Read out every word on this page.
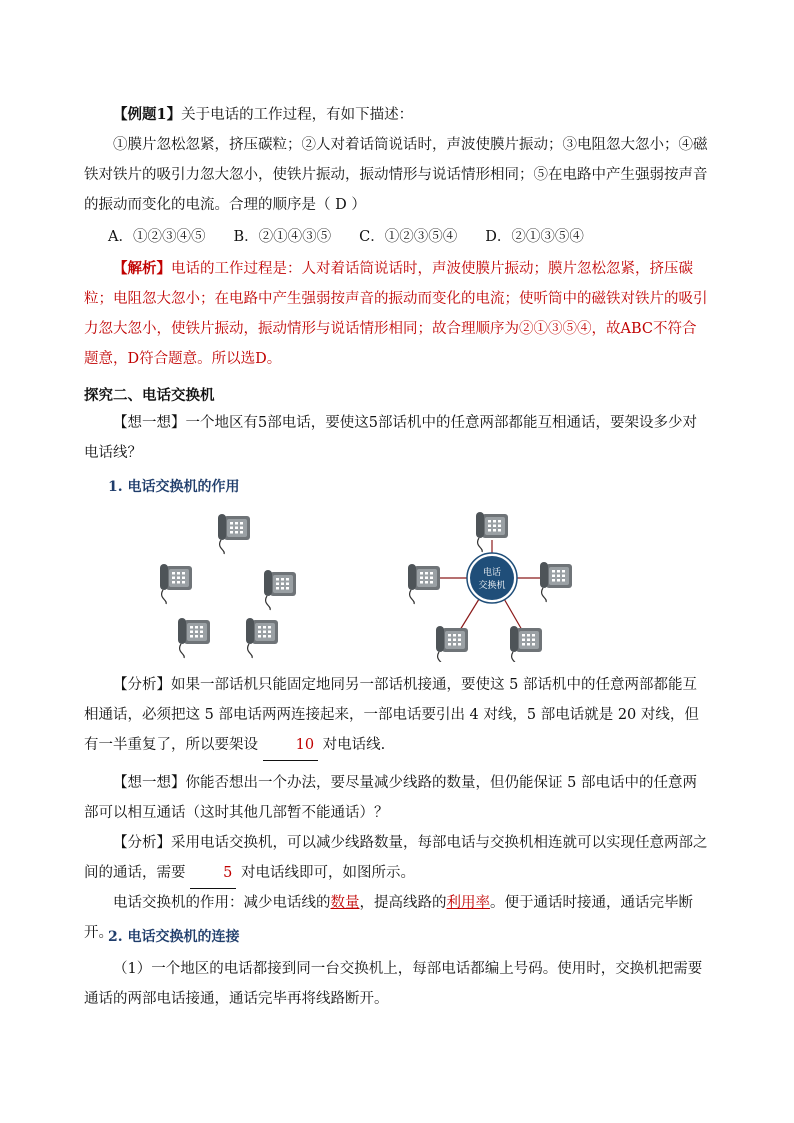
【例题1】关于电话的工作过程，有如下描述：

①膜片忽松忽紧，挤压碳粒；②人对着话筒说话时，声波使膜片振动；③电阻忽大忽小；④磁铁对铁片的吸引力忽大忽小，使铁片振动，振动情形与说话情形相同；⑤在电路中产生强弱按声音的振动而变化的电流。合理的顺序是（ D ）

A．①②③④⑤ B．②①④③⑤ C．①②③⑤④ D．②①③⑤④

【解析】电话的工作过程是：人对着话筒说话时，声波使膜片振动；膜片忽松忽紧，挤压碳粒；电阻忽大忽小；在电路中产生强弱按声音的振动而变化的电流；使听筒中的磁铁对铁片的吸引力忽大忽小，使铁片振动，振动情形与说话情形相同；故合理顺序为②①③⑤④，故ABC不符合题意，D符合题意。所以选D。

探究二、电话交换机

【想一想】一个地区有5部电话，要使这5部话机中的任意两部都能互相通话，要架设多少对电话线？

1. 电话交换机的作用
电话
交换机

【分析】如果一部话机只能固定地同另一部话机接通，要使这 5 部话机中的任意两部都能互相通话，必须把这 5 部电话两两连接起来，一部电话要引出 4 对线，5 部电话就是 20 对线，但有一半重复了，所以要架设 10 对电话线.

【想一想】你能否想出一个办法，要尽量减少线路的数量，但仍能保证 5 部电话中的任意两部可以相互通话（这时其他几部暂不能通话）？

【分析】采用电话交换机，可以减少线路数量，每部电话与交换机相连就可以实现任意两部之间的通话，需要 5 对电话线即可，如图所示。

电话交换机的作用：减少电话线的数量，提高线路的利用率。便于通话时接通，通话完毕断开。

2. 电话交换机的连接

（1）一个地区的电话都接到同一台交换机上，每部电话都编上号码。使用时，交换机把需要通话的两部电话接通，通话完毕再将线路断开。
